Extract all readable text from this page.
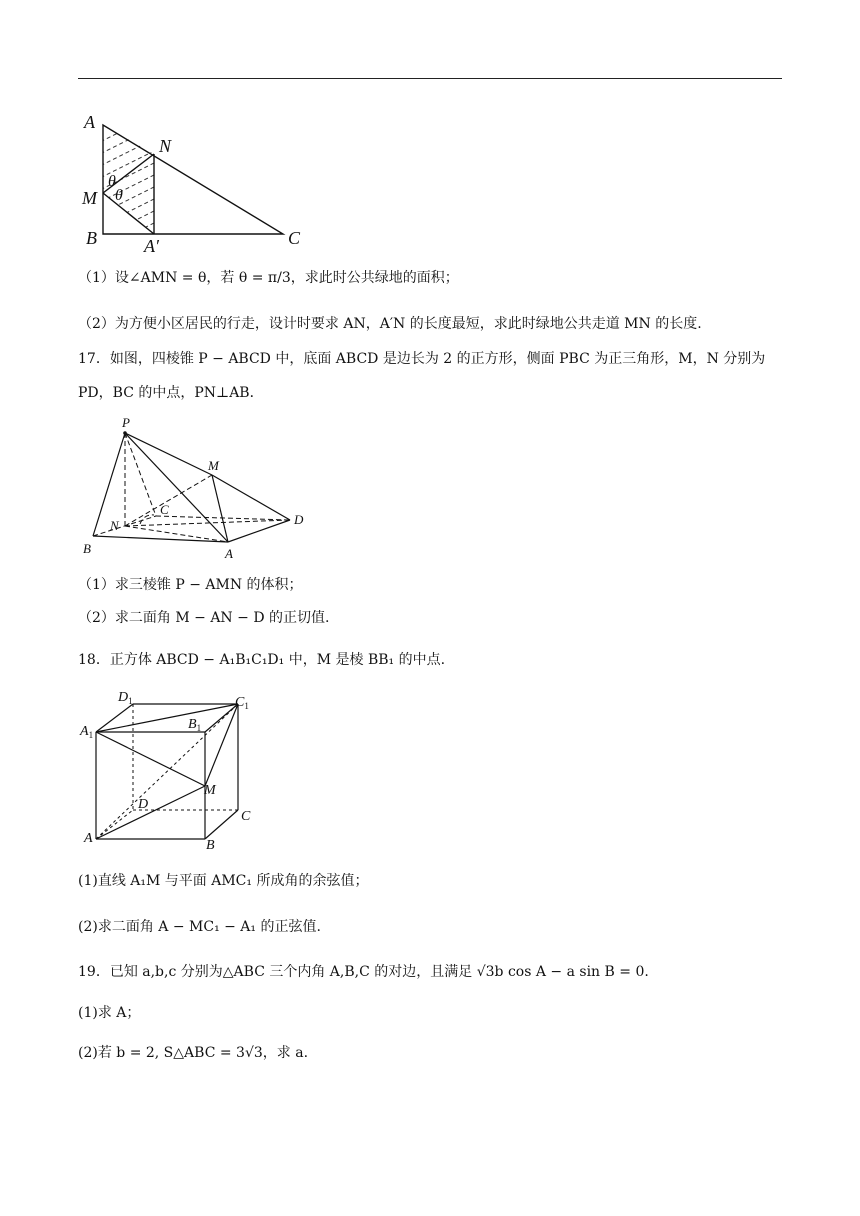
A
N
M
B	A′	C
θ
θ
（1）设∠AMN = θ，若 θ = π/3，求此时公共绿地的面积；
（2）为方便小区居民的行走，设计时要求 AN，A′N 的长度最短，求此时绿地公共走道 MN 的长度.
17．如图，四棱锥 P − ABCD 中，底面 ABCD 是边长为 2 的正方形，侧面 PBC 为正三角形，M，N 分别为
PD，BC 的中点，PN⊥AB．
P
M
N
C
D
B	A
（1）求三棱锥 P − AMN 的体积；
（2）求二面角 M − AN − D 的正切值.
18．正方体 ABCD − A₁B₁C₁D₁ 中，M 是棱 BB₁ 的中点.
$D_1$	$C_1$
$A_1$
$B_1$
M
D
C
A	B
(1)直线 A₁M 与平面 AMC₁ 所成角的余弦值；
(2)求二面角 A − MC₁ − A₁ 的正弦值.
19．已知 a,b,c 分别为△ABC 三个内角 A,B,C 的对边，且满足 √3b cos A − a sin B = 0.
(1)求 A；
(2)若 b = 2, S△ABC = 3√3，求 a.
